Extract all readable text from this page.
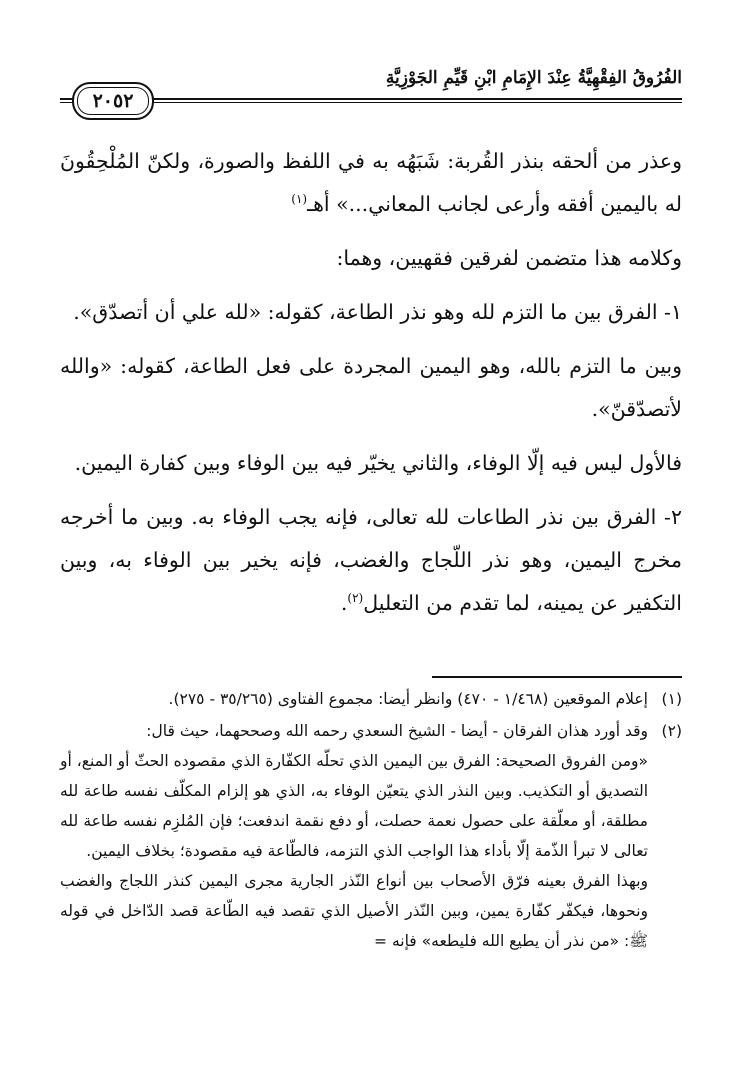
الفُرُوقُ الفِقْهِيَّةُ عِنْدَ الإِمَامِ ابْنِ قَيِّمِ الجَوْزِيَّةِ
٢٠٥٢

وعذر من ألحقه بنذر القُربة: شَبَهُه به في اللفظ والصورة، ولكنّ المُلْحِقُونَ له باليمين أفقه وأرعى لجانب المعاني...» أهـ$^{(١)}$

وكلامه هذا متضمن لفرقين فقهيين، وهما:

١- الفرق بين ما التزم لله وهو نذر الطاعة، كقوله: «لله علي أن أتصدّق».

وبين ما التزم بالله، وهو اليمين المجردة على فعل الطاعة، كقوله: «والله لأتصدّقنّ».

فالأول ليس فيه إلّا الوفاء، والثاني يخيّر فيه بين الوفاء وبين كفارة اليمين.

٢- الفرق بين نذر الطاعات لله تعالى، فإنه يجب الوفاء به. وبين ما أخرجه مخرج اليمين، وهو نذر اللّجاج والغضب، فإنه يخير بين الوفاء به، وبين التكفير عن يمينه، لما تقدم من التعليل$^{(٢)}$.

(١)
إعلام الموقعين (١/٤٦٨ - ٤٧٠) وانظر أيضا: مجموع الفتاوى (٣٥/٢٦٥ - ٢٧٥).
(٢)
وقد أورد هذان الفرقان - أيضا - الشيخ السعدي رحمه الله وصححهما، حيث قال:
«ومن الفروق الصحيحة: الفرق بين اليمين الذي تحلّه الكفّارة الذي مقصوده الحثّ أو المنع، أو التصديق أو التكذيب. وبين النذر الذي يتعيّن الوفاء به، الذي هو إلزام المكلّف نفسه طاعة لله مطلقة، أو معلّقة على حصول نعمة حصلت، أو دفع نقمة اندفعت؛ فإن المُلزِم نفسه طاعة لله تعالى لا تبرأ الذّمة إلّا بأداء هذا الواجب الذي التزمه، فالطّاعة فيه مقصودة؛ بخلاف اليمين.
وبهذا الفرق بعينه فرّق الأصحاب بين أنواع النّذر الجارية مجرى اليمين كنذر اللجاج والغضب ونحوها، فيكفّر كفّارة يمين، وبين النّذر الأصيل الذي تقصد فيه الطّاعة قصد الدّاخل في قوله ﷺ: «من نذر أن يطيع الله فليطعه» فإنه =
